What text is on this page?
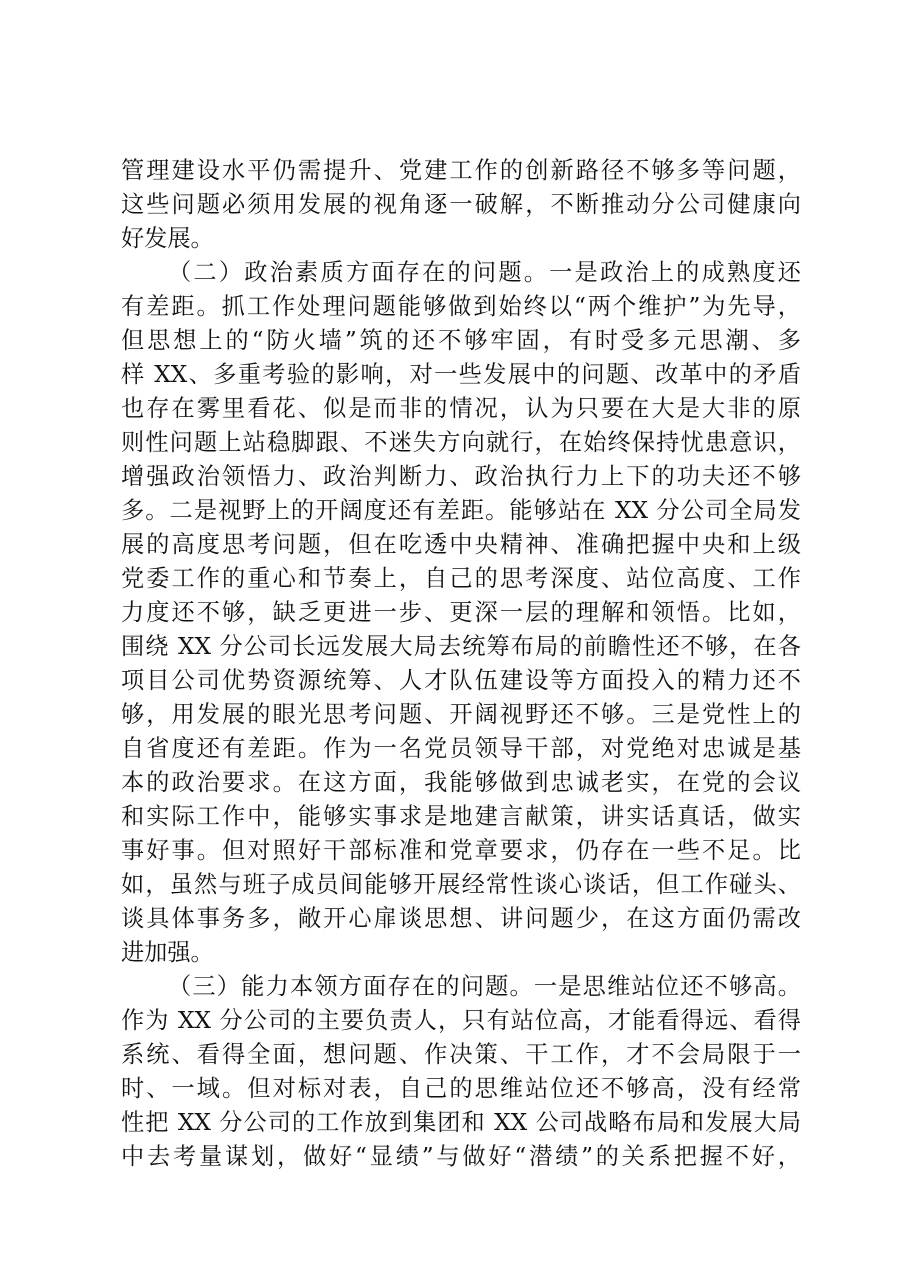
管理建设水平仍需提升、党建工作的创新路径不够多等问题，
这些问题必须用发展的视角逐一破解，不断推动分公司健康向
好发展。
（二）政治素质方面存在的问题。一是政治上的成熟度还
有差距。抓工作处理问题能够做到始终以“两个维护”为先导，
但思想上的“防火墙”筑的还不够牢固，有时受多元思潮、多
样 XX、多重考验的影响，对一些发展中的问题、改革中的矛盾
也存在雾里看花、似是而非的情况，认为只要在大是大非的原
则性问题上站稳脚跟、不迷失方向就行，在始终保持忧患意识，
增强政治领悟力、政治判断力、政治执行力上下的功夫还不够
多。二是视野上的开阔度还有差距。能够站在 XX 分公司全局发
展的高度思考问题，但在吃透中央精神、准确把握中央和上级
党委工作的重心和节奏上，自己的思考深度、站位高度、工作
力度还不够，缺乏更进一步、更深一层的理解和领悟。比如，
围绕 XX 分公司长远发展大局去统筹布局的前瞻性还不够，在各
项目公司优势资源统筹、人才队伍建设等方面投入的精力还不
够，用发展的眼光思考问题、开阔视野还不够。三是党性上的
自省度还有差距。作为一名党员领导干部，对党绝对忠诚是基
本的政治要求。在这方面，我能够做到忠诚老实，在党的会议
和实际工作中，能够实事求是地建言献策，讲实话真话，做实
事好事。但对照好干部标准和党章要求，仍存在一些不足。比
如，虽然与班子成员间能够开展经常性谈心谈话，但工作碰头、
谈具体事务多，敞开心扉谈思想、讲问题少，在这方面仍需改
进加强。
（三）能力本领方面存在的问题。一是思维站位还不够高。
作为 XX 分公司的主要负责人，只有站位高，才能看得远、看得
系统、看得全面，想问题、作决策、干工作，才不会局限于一
时、一域。但对标对表，自己的思维站位还不够高，没有经常
性把 XX 分公司的工作放到集团和 XX 公司战略布局和发展大局
中去考量谋划，做好“显绩”与做好“潜绩”的关系把握不好，
